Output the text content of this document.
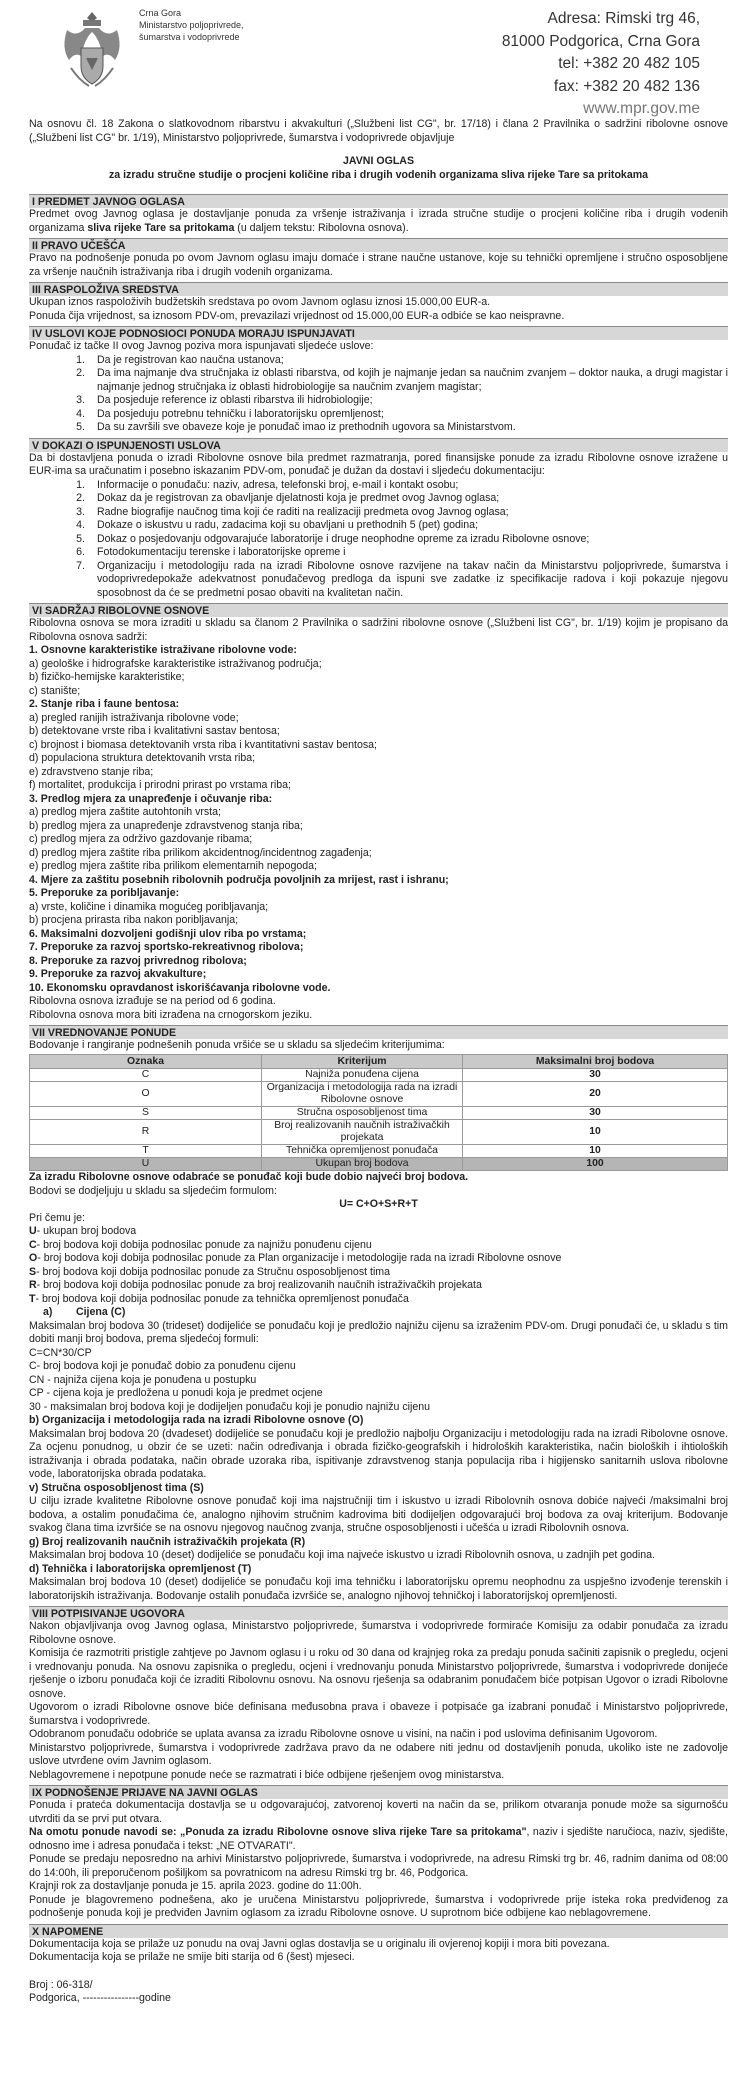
Crna Gora
Ministarstvo poljoprivrede,
šumarstva i vodoprivrede
Adresa: Rimski trg 46,
81000 Podgorica, Crna Gora
tel: +382 20 482 105
fax: +382 20 482 136
www.mpr.gov.me

Na osnovu čl. 18 Zakona o slatkovodnom ribarstvu i akvakulturi („Službeni list CG", br. 17/18) i člana 2 Pravilnika o sadržini ribolovne osnove („Službeni list CG" br. 1/19), Ministarstvo poljoprivrede, šumarstva i vodoprivrede objavljuje

JAVNI OGLAS

za izradu stručne studije o procjeni količine riba i drugih vodenih organizama sliva rijeke Tare sa pritokama

I PREDMET JAVNOG OGLASA

Predmet ovog Javnog oglasa je dostavljanje ponuda za vršenje istraživanja i izrada stručne studije o procjeni količine riba i drugih vodenih organizama sliva rijeke Tare sa pritokama (u daljem tekstu: Ribolovna osnova).

II PRAVO UČEŠĆA

Pravo na podnošenje ponuda po ovom Javnom oglasu imaju domaće i strane naučne ustanove, koje su tehnički opremljene i stručno osposobljene za vršenje naučnih istraživanja riba i drugih vodenih organizama.

III RASPOLOŽIVA SREDSTVA

Ukupan iznos raspoloživih budžetskih sredstava po ovom Javnom oglasu iznosi 15.000,00 EUR-a.

Ponuda čija vrijednost, sa iznosom PDV-om, prevazilazi vrijednost od 15.000,00 EUR-a odbiće se kao neispravne.

IV USLOVI KOJE PODNOSIOCI PONUDA MORAJU ISPUNJAVATI

Ponuđač iz tačke II ovog Javnog poziva mora ispunjavati sljedeće uslove:

1.	Da je registrovan kao naučna ustanova;
2.	Da ima najmanje dva stručnjaka iz oblasti ribarstva, od kojih je najmanje jedan sa naučnim zvanjem – doktor nauka, a drugi magistar i najmanje jednog stručnjaka iz oblasti hidrobiologije sa naučnim zvanjem magistar;
3.	Da posjeduje reference iz oblasti ribarstva ili hidrobiologije;
4.	Da posjeduju potrebnu tehničku i laboratorijsku opremljenost;
5.	Da su završili sve obaveze koje je ponuđač imao iz prethodnih ugovora sa Ministarstvom.
V DOKAZI O ISPUNJENOSTI USLOVA

Da bi dostavljena ponuda o izradi Ribolovne osnove bila predmet razmatranja, pored finansijske ponude za izradu Ribolovne osnove izražene u EUR-ima sa uračunatim i posebno iskazanim PDV-om, ponuđač je dužan da dostavi i sljedeću dokumentaciju:

1.	Informacije o ponuđaču: naziv, adresa, telefonski broj, e-mail i kontakt osobu;
2.	Dokaz da je registrovan za obavljanje djelatnosti koja je predmet ovog Javnog oglasa;
3.	Radne biografije naučnog tima koji će raditi na realizaciji predmeta ovog Javnog oglasa;
4.	Dokaze o iskustvu u radu, zadacima koji su obavljani u prethodnih 5 (pet) godina;
5.	Dokaz o posjedovanju odgovarajuće laboratorije i druge neophodne opreme za izradu Ribolovne osnove;
6.	Fotodokumentaciju terenske i laboratorijske opreme i
7.	Organizaciju i metodologiju rada na izradi Ribolovne osnove razvijene na takav način da Ministarstvu poljoprivrede, šumarstva i vodoprivredepokaže adekvatnost ponuđačevog predloga da ispuni sve zadatke iz specifikacije radova i koji pokazuje njegovu sposobnost da će se predmetni posao obaviti na kvalitetan način.
VI SADRŽAJ RIBOLOVNE OSNOVE

Ribolovna osnova se mora izraditi u skladu sa članom 2 Pravilnika o sadržini ribolovne osnove („Službeni list CG", br. 1/19) kojim je propisano da Ribolovna osnova sadrži:

1. Osnovne karakteristike istraživane ribolovne vode:

a) geološke i hidrografske karakteristike istraživanog područja;

b) fizičko-hemijske karakteristike;

c) stanište;

2. Stanje riba i faune bentosa:

a) pregled ranijih istraživanja ribolovne vode;

b) detektovane vrste riba i kvalitativni sastav bentosa;

c) brojnost i biomasa detektovanih vrsta riba i kvantitativni sastav bentosa;

d) populaciona struktura detektovanih vrsta riba;

e) zdravstveno stanje riba;

f) mortalitet, produkcija i prirodni prirast po vrstama riba;

3. Predlog mjera za unapređenje i očuvanje riba:

a) predlog mjera zaštite autohtonih vrsta;

b) predlog mjera za unapređenje zdravstvenog stanja riba;

c) predlog mjera za održivo gazdovanje ribama;

d) predlog mjera zaštite riba prilikom akcidentnog/incidentnog zagađenja;

e) predlog mjera zaštite riba prilikom elementarnih nepogoda;

4. Mjere za zaštitu posebnih ribolovnih područja povoljnih za mrijest, rast i ishranu;

5. Preporuke za poribljavanje:

a) vrste, količine i dinamika mogućeg poribljavanja;

b) procjena prirasta riba nakon poribljavanja;

6. Maksimalni dozvoljeni godišnji ulov riba po vrstama;

7. Preporuke za razvoj sportsko-rekreativnog ribolova;

8. Preporuke za razvoj privrednog ribolova;

9. Preporuke za razvoj akvakulture;

10. Ekonomsku opravdanost iskorišćavanja ribolovne vode.

Ribolovna osnova izrađuje se na period od 6 godina.

Ribolovna osnova mora biti izrađena na crnogorskom jeziku.

VII VREDNOVANJE PONUDE

Bodovanje i rangiranje podnešenih ponuda vršiće se u skladu sa sljedećim kriterijumima:

Oznaka	Kriterijum	Maksimalni broj bodova
C	Najniža ponuđena cijena	30
O	Organizacija i metodologija rada na izradi Ribolovne osnove	20
S	Stručna osposobljenost tima	30
R	Broj realizovanih naučnih istraživačkih projekata	10
T	Tehnička opremljenost ponuđača	10
U	Ukupan broj bodova	100

Za izradu Ribolovne osnove odabraće se ponuđač koji bude dobio najveći broj bodova.

Bodovi se dodjeljuju u skladu sa sljedećim formulom:

U= C+O+S+R+T

Pri čemu je:

U- ukupan broj bodova

C- broj bodova koji dobija podnosilac ponude za najnižu ponuđenu cijenu

O- broj bodova koji dobija podnosilac ponude za Plan organizacije i metodologije rada na izradi Ribolovne osnove

S- broj bodova koji dobija podnosilac ponude za Stručnu osposobljenost tima

R- broj bodova koji dobija podnosilac ponude za broj realizovanih naučnih istraživačkih projekata

T- broj bodova koji dobija podnosilac ponude za tehnička opremljenost ponuđača

a)        Cijena (C)

Maksimalan broj bodova 30 (trideset) dodijeliće se ponuđaču koji je predložio najnižu cijenu sa izraženim PDV-om. Drugi ponuđači će, u skladu s tim dobiti manji broj bodova, prema sljedećoj formuli:

C=CN*30/CP

C- broj bodova koji je ponuđač dobio za ponuđenu cijenu

CN - najniža cijena koja je ponuđena u postupku

CP - cijena koja je predložena u ponudi koja je predmet ocjene

30 - maksimalan broj bodova koji je dodijeljen ponuđaču koji je ponudio najnižu cijenu

b) Organizacija i metodologija rada na izradi Ribolovne osnove (O)

Maksimalan broj bodova 20 (dvadeset) dodijeliće se ponuđaču koji je predložio najbolju Organizaciju i metodologiju rada na izradi Ribolovne osnove. Za ocjenu ponudnog, u obzir će se uzeti: način određivanja i obrada fizičko-geografskih i hidroloških karakteristika, način bioloških i ihtioloških istraživanja i obrada podataka, način obrade uzoraka riba, ispitivanje zdravstvenog stanja populacija riba i higijensko sanitarnih uslova ribolovne vode, laboratorijska obrada podataka.

v) Stručna osposobljenost tima (S)

U cilju izrade kvalitetne Ribolovne osnove ponuđač koji ima najstručniji tim i iskustvo u izradi Ribolovnih osnova dobiće najveći /maksimalni broj bodova, a ostalim ponuđačima će, analogno njihovim stručnim kadrovima biti dodijeljen odgovarajući broj bodova za ovaj kriterijum. Bodovanje svakog člana tima izvršiće se na osnovu njegovog naučnog zvanja, stručne osposobljenosti i učešća u izradi Ribolovnih osnova.

g) Broj realizovanih naučnih istraživačkih projekata (R)

Maksimalan broj bodova 10 (deset) dodijeliće se ponuđaču koji ima najveće iskustvo u izradi Ribolovnih osnova, u zadnjih pet godina.

d) Tehnička i laboratorijska opremljenost (T)

Maksimalan broj bodova 10 (deset) dodijeliće se ponuđaču koji ima tehničku i laboratorijsku opremu neophodnu za uspješno izvođenje terenskih i laboratorijskih istraživanja. Bodovanje ostalih ponuđača izvršiće se, analogno njihovoj tehničkoj i laboratorijskoj opremljenosti.

VIII POTPISIVANJE UGOVORA

Nakon objavljivanja ovog Javnog oglasa, Ministarstvo poljoprivrede, šumarstva i vodoprivrede formiraće Komisiju za odabir ponuđača za izradu Ribolovne osnove.

Komisija će razmotriti pristigle zahtjeve po Javnom oglasu i u roku od 30 dana od krajnjeg roka za predaju ponuda sačiniti zapisnik o pregledu, ocjeni i vrednovanju ponuda. Na osnovu zapisnika o pregledu, ocjeni i vrednovanju ponuda Ministarstvo poljoprivrede, šumarstva i vodoprivrede donijeće rješenje o izboru ponuđača koji će izraditi Ribolovnu osnovu. Na osnovu rješenja sa odabranim ponuđačem biće potpisan Ugovor o izradi Ribolovne osnove.

Ugovorom o izradi Ribolovne osnove biće definisana međusobna prava i obaveze i potpisaće ga izabrani ponuđač i Ministarstvo poljoprivrede, šumarstva i vodoprivrede.

Odobranom ponuđaču odobriće se uplata avansa za izradu Ribolovne osnove u visini, na način i pod uslovima definisanim Ugovorom.

Ministarstvo poljoprivrede, šumarstva i vodoprivrede zadržava pravo da ne odabere niti jednu od dostavljenih ponuda, ukoliko iste ne zadovolje uslove utvrđene ovim Javnim oglasom.

Neblagovremene i nepotpune ponude neće se razmatrati i biće odbijene rješenjem ovog ministarstva.

IX PODNOŠENJE PRIJAVE NA JAVNI OGLAS

Ponuda i prateća dokumentacija dostavlja se u odgovarajućoj, zatvorenoj koverti na način da se, prilikom otvaranja ponude može sa sigurnošću utvrditi da se prvi put otvara.

Na omotu ponude navodi se: „Ponuda za izradu Ribolovne osnove sliva rijeke Tare sa pritokama", naziv i sjedište naručioca, naziv, sjedište, odnosno ime i adresa ponuđača i tekst: „NE OTVARATI".

Ponude se predaju neposredno na arhivi Ministarstvo poljoprivrede, šumarstva i vodoprivrede, na adresu Rimski trg br. 46, radnim danima od 08:00 do 14:00h, ili preporučenom pošiljkom sa povratnicom na adresu Rimski trg br. 46, Podgorica.

Krajnji rok za dostavljanje ponuda je 15. aprila 2023. godine do 11:00h.

Ponude je blagovremeno podnešena, ako je uručena Ministarstvu poljoprivrede, šumarstva i vodoprivrede prije isteka roka predviđenog za podnošenje ponuda koji je predviđen Javnim oglasom za izradu Ribolovne osnove. U suprotnom biće odbijene kao neblagovremene.

X NAPOMENE

Dokumentacija koja se prilaže uz ponudu na ovaj Javni oglas dostavlja se u originalu ili ovjerenoj kopiji i mora biti povezana.

Dokumentacija koja se prilaže ne smije biti starija od 6 (šest) mjeseci.

Broj : 06-318/

Podgorica, ----------------godine
